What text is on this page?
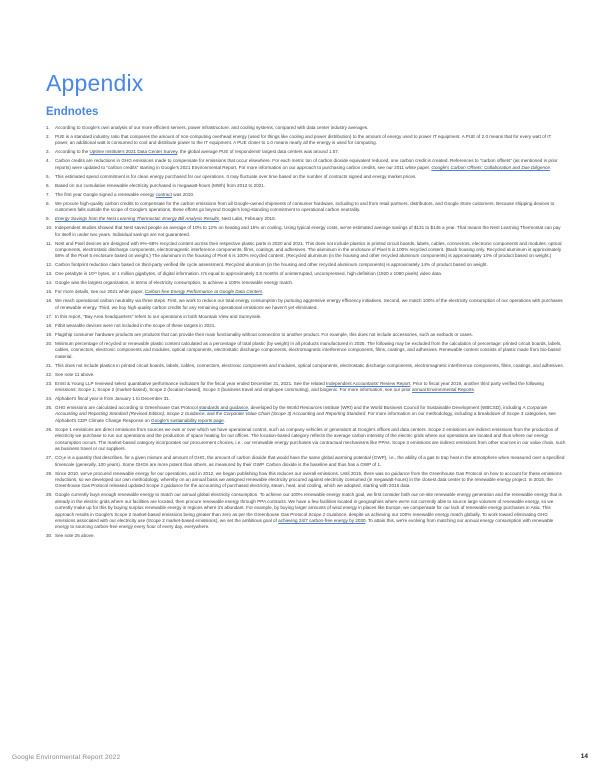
Appendix
Endnotes
1.	According to Google's own analysis of our more efficient servers, power infrastructure, and cooling systems, compared with data center industry averages.
2.	PUE is a standard industry ratio that compares the amount of non-computing overhead energy (used for things like cooling and power distribution) to the amount of energy used to power IT equipment. A PUE of 2.0 means that for every watt of IT power, an additional watt is consumed to cool and distribute power to the IT equipment. A PUE closer to 1.0 means nearly all the energy is used for computing.
3.	According to the Uptime Institute's 2021 Data Center Survey, the global average PUE of respondents' largest data centers was around 1.57.
4.	Carbon credits are reductions in GHG emissions made to compensate for emissions that occur elsewhere. For each metric ton of carbon dioxide equivalent reduced, one carbon credit is created. References to "carbon offsets" (as mentioned in prior reports) were updated to "carbon credits" starting in Google's 2021 Environmental Report. For more information on our approach to purchasing carbon credits, see our 2011 white paper, Google's Carbon Offsets: Collaboration and Due Diligence.
5.	This estimated spend commitment is for clean energy purchased for our operations. It may fluctuate over time based on the number of contracts signed and energy market prices.
6.	Based on our cumulative renewable electricity purchased in megawatt-hours (MWh) from 2012 to 2021.
7.	The first year Google signed a renewable energy contract was 2010.
8.	We procure high-quality carbon credits to compensate for the carbon emissions from all Google-owned shipments of consumer hardware, including to and from retail partners, distributors, and Google Store customers. Because shipping devices to customers falls outside the scope of Google's operations, these efforts go beyond Google's long-standing commitment to operational carbon neutrality.
9.	Energy Savings from the Nest Learning Thermostat: Energy Bill Analysis Results, Nest Labs, February 2015.
10. Independent studies showed that Nest saved people an average of 10% to 12% on heating and 15% on cooling. Using typical energy costs, we've estimated average savings of $131 to $145 a year. That means the Nest Learning Thermostat can pay for itself in under two years. Individual savings are not guaranteed.
11. Nest and Pixel devices are designed with 9%–68% recycled content across their respective plastic parts in 2020 and 2021. This does not include plastics in printed circuit boards, labels, cables, connectors, electronic components and modules, optical components, electrostatic discharge components, electromagnetic interference components, films, coatings, and adhesives. The aluminum in the enclosure of Pixel 5 is 100% recycled content. (Back housing only. Recycled aluminum is approximately 58% of the Pixel 5 enclosure based on weight.) The aluminum in the housing of Pixel 6 is 100% recycled content. (Recycled aluminum (in the housing and other recycled aluminum components) is approximately 14% of product based on weight.)
12. Carbon footprint reduction claim based on third-party verified life cycle assessment. Recycled aluminum (in the housing and other recycled aluminum components) is approximately 14% of product based on weight.
13. One petabyte is 10¹⁵ bytes, or 1 million gigabytes, of digital information. It's equal to approximately 3.5 months of uninterrupted, uncompressed, high-definition (1920 x 1080 pixels) video data.
14. Google was the largest organization, in terms of electricity consumption, to achieve a 100% renewable energy match.
15. For more details, see our 2021 white paper, Carbon-free Energy Performance at Google Data Centers.
16. We reach operational carbon neutrality via three steps. First, we work to reduce our total energy consumption by pursuing aggressive energy efficiency initiatives. Second, we match 100% of the electricity consumption of our operations with purchases of renewable energy. Third, we buy high-quality carbon credits for any remaining operational emissions we haven't yet eliminated.
17. In this report, "Bay Area headquarters" refers to our operations in both Mountain View and Sunnyvale.
18. Fitbit wearable devices were not included in the scope of these targets in 2021.
19. Flagship consumer hardware products are products that can provide their main functionality without connection to another product. For example, this does not include accessories, such as earbuds or cases.
20. Minimum percentage of recycled or renewable plastic content calculated as a percentage of total plastic (by weight) in all products manufactured in 2025. The following may be excluded from the calculation of percentage: printed circuit boards, labels, cables, connectors, electronic components and modules, optical components, electrostatic discharge components, electromagnetic interference components, films, coatings, and adhesives. Renewable content consists of plastic made from bio-based material.
21. This does not include plastics in printed circuit boards, labels, cables, connectors, electronic components and modules, optical components, electrostatic discharge components, electromagnetic interference components, films, coatings, and adhesives.
22. See note 11 above.
23. Ernst & Young LLP reviewed select quantitative performance indicators for the fiscal year ended December 31, 2021. See the related Independent Accountants' Review Report. Prior to fiscal year 2019, another third party verified the following emissions: Scope 1, Scope 2 (market-based), Scope 2 (location-based), Scope 3 (business travel and employee commuting), and biogenic. For more information, see our prior annual Environmental Reports.
24. Alphabet's fiscal year is from January 1 to December 31.
25. GHG emissions are calculated according to Greenhouse Gas Protocol standards and guidance, developed by the World Resources Institute (WRI) and the World Business Council for Sustainable Development (WBCSD), including A Corporate Accounting and Reporting Standard (Revised Edition), Scope 2 Guidance, and the Corporate Value Chain (Scope 3) Accounting and Reporting Standard. For more information on our methodology, including a breakdown of Scope 3 categories, see Alphabet's CDP Climate Change Response on Google's sustainability reports page.
26. Scope 1 emissions are direct emissions from sources we own or over which we have operational control, such as company vehicles or generators at Google's offices and data centers. Scope 2 emissions are indirect emissions from the production of electricity we purchase to run our operations and the production of space heating for our offices. The location-based category reflects the average carbon intensity of the electric grids where our operations are located and thus where our energy consumption occurs. The market-based category incorporates our procurement choices, i.e., our renewable energy purchases via contractual mechanisms like PPAs. Scope 3 emissions are indirect emissions from other sources in our value chain, such as business travel or our suppliers.
27. CO₂e is a quantity that describes, for a given mixture and amount of GHG, the amount of carbon dioxide that would have the same global warming potential (GWP), i.e., the ability of a gas to trap heat in the atmosphere when measured over a specified timescale (generally, 100 years). Some GHGs are more potent than others, as measured by their GWP. Carbon dioxide is the baseline and thus has a GWP of 1.
28. Since 2010, we've procured renewable energy for our operations, and in 2012, we began publishing how this reduces our overall emissions. Until 2015, there was no guidance from the Greenhouse Gas Protocol on how to account for these emissions reductions, so we developed our own methodology, whereby on an annual basis we assigned renewable electricity procured against electricity consumed (in megawatt-hours) in the closest data center to the renewable energy project. In 2015, the Greenhouse Gas Protocol released updated Scope 2 guidance for the accounting of purchased electricity, steam, heat, and cooling, which we adopted, starting with 2015 data.
29. Google currently buys enough renewable energy to match our annual global electricity consumption. To achieve our 100% renewable energy match goal, we first consider both our on-site renewable energy generation and the renewable energy that is already in the electric grids where our facilities are located, then procure renewable energy through PPA contracts. We have a few facilities located in geographies where we're not currently able to source large volumes of renewable energy, so we currently make up for this by buying surplus renewable energy in regions where it's abundant. For example, by buying larger amounts of wind energy in places like Europe, we compensate for our lack of renewable energy purchases in Asia. This approach results in Google's Scope 2 market-based emissions being greater than zero as per the Greenhouse Gas Protocol Scope 2 Guidance, despite us achieving our 100% renewable energy match globally. To work toward eliminating GHG emissions associated with our electricity use (Scope 2 market-based emissions), we set the ambitious goal of achieving 24/7 carbon-free energy by 2030. To attain this, we're evolving from matching our annual energy consumption with renewable energy to sourcing carbon-free energy every hour of every day, everywhere.
30. See note 25 above.
Google Environmental Report 2022	14
